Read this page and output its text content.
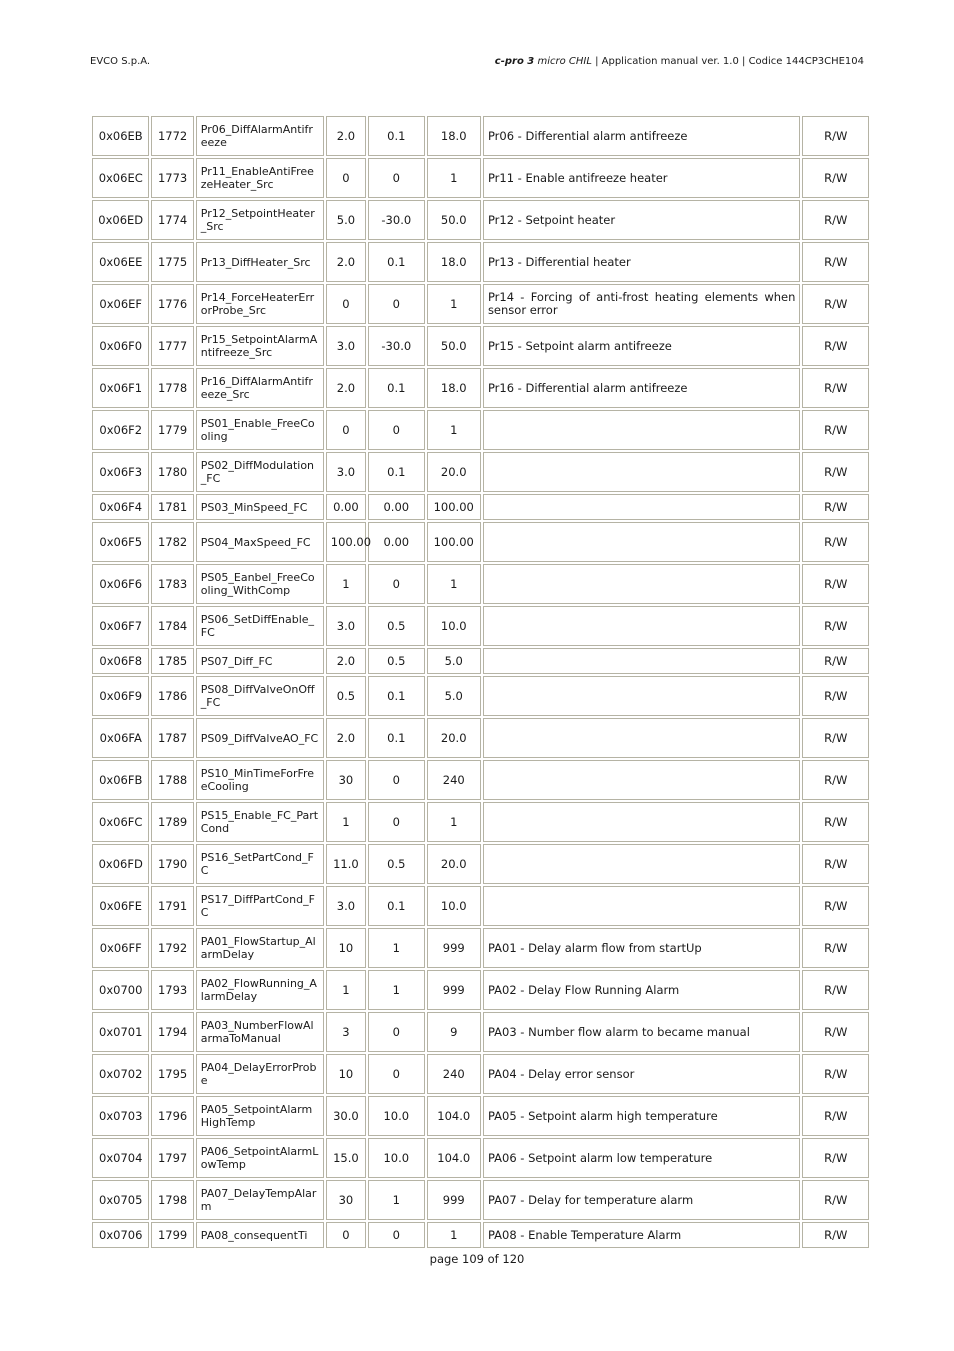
EVCO S.p.A.	c-pro 3 micro CHIL | Application manual ver. 1.0 | Codice 144CP3CHE104
0x06EB	1772	Pr06_DiffAlarmAntifreeze	2.0	0.1	18.0	Pr06 - Differential alarm antifreeze	R/W
0x06EC	1773	Pr11_EnableAntiFreezeHeater_Src	0	0	1	Pr11 - Enable antifreeze heater	R/W
0x06ED	1774	Pr12_SetpointHeater_Src	5.0	-30.0	50.0	Pr12 - Setpoint heater	R/W
0x06EE	1775	Pr13_DiffHeater_Src	2.0	0.1	18.0	Pr13 - Differential heater	R/W
0x06EF	1776	Pr14_ForceHeaterErrorProbe_Src	0	0	1	Pr14 - Forcing of anti-frost heating elements when sensor error	R/W
0x06F0	1777	Pr15_SetpointAlarmAntifreeze_Src	3.0	-30.0	50.0	Pr15 - Setpoint alarm antifreeze	R/W
0x06F1	1778	Pr16_DiffAlarmAntifreeze_Src	2.0	0.1	18.0	Pr16 - Differential alarm antifreeze	R/W
0x06F2	1779	PS01_Enable_FreeCooling	0	0	1		R/W
0x06F3	1780	PS02_DiffModulation_FC	3.0	0.1	20.0		R/W
0x06F4	1781	PS03_MinSpeed_FC	0.00	0.00	100.00		R/W
0x06F5	1782	PS04_MaxSpeed_FC	100.00	0.00	100.00		R/W
0x06F6	1783	PS05_Eanbel_FreeCooling_WithComp	1	0	1		R/W
0x06F7	1784	PS06_SetDiffEnable_FC	3.0	0.5	10.0		R/W
0x06F8	1785	PS07_Diff_FC	2.0	0.5	5.0		R/W
0x06F9	1786	PS08_DiffValveOnOff_FC	0.5	0.1	5.0		R/W
0x06FA	1787	PS09_DiffValveAO_FC	2.0	0.1	20.0		R/W
0x06FB	1788	PS10_MinTimeForFreeCooling	30	0	240		R/W
0x06FC	1789	PS15_Enable_FC_PartCond	1	0	1		R/W
0x06FD	1790	PS16_SetPartCond_FC	11.0	0.5	20.0		R/W
0x06FE	1791	PS17_DiffPartCond_FC	3.0	0.1	10.0		R/W
0x06FF	1792	PA01_FlowStartup_AlarmDelay	10	1	999	PA01 - Delay alarm flow from startUp	R/W
0x0700	1793	PA02_FlowRunning_AlarmDelay	1	1	999	PA02 - Delay Flow Running Alarm	R/W
0x0701	1794	PA03_NumberFlowAlarmaToManual	3	0	9	PA03 - Number flow alarm to became manual	R/W
0x0702	1795	PA04_DelayErrorProbe	10	0	240	PA04 - Delay error sensor	R/W
0x0703	1796	PA05_SetpointAlarmHighTemp	30.0	10.0	104.0	PA05 - Setpoint alarm high temperature	R/W
0x0704	1797	PA06_SetpointAlarmLowTemp	15.0	10.0	104.0	PA06 - Setpoint alarm low temperature	R/W
0x0705	1798	PA07_DelayTempAlarm	30	1	999	PA07 - Delay for temperature alarm	R/W
0x0706	1799	PA08_consequentTi	0	0	1	PA08 - Enable Temperature Alarm	R/W
page 109 of 120
